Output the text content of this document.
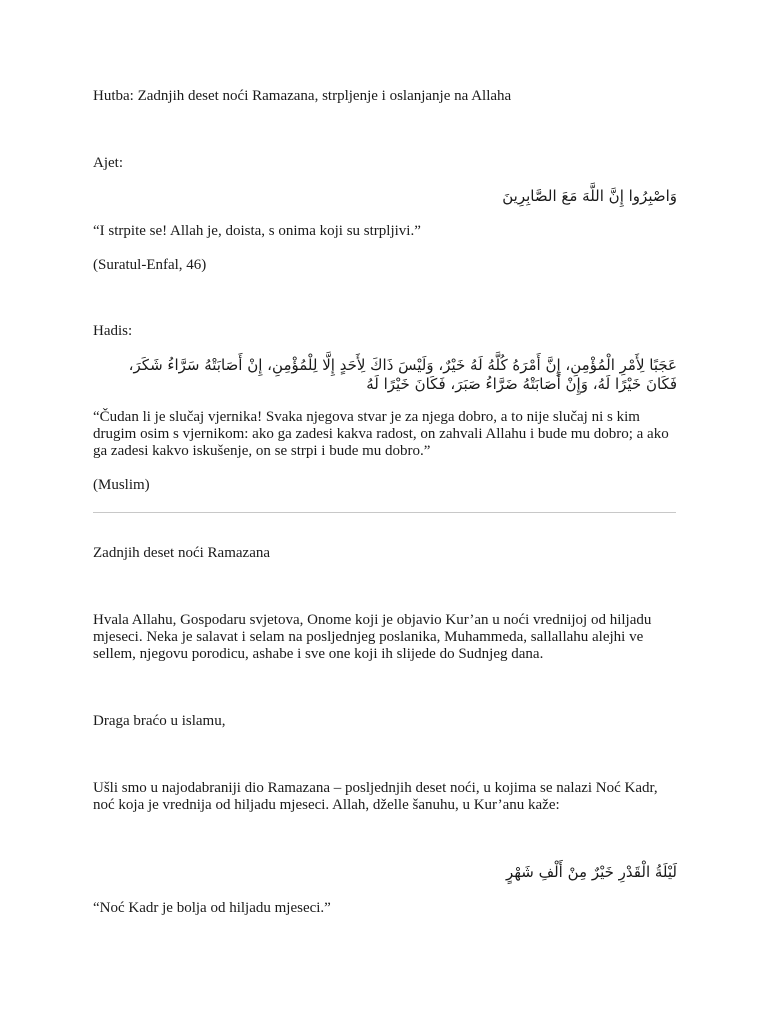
Hutba: Zadnjih deset noći Ramazana, strpljenje i oslanjanje na Allaha

Ajet:

وَاصْبِرُوا إِنَّ اللَّهَ مَعَ الصَّابِرِينَ

“I strpite se! Allah je, doista, s onima koji su strpljivi.”

(Suratul-Enfal, 46)

Hadis:

عَجَبًا لِأَمْرِ الْمُؤْمِنِ، إِنَّ أَمْرَهُ كُلَّهُ لَهُ خَيْرٌ، وَلَيْسَ ذَاكَ لِأَحَدٍ إِلَّا لِلْمُؤْمِنِ، إِنْ أَصَابَتْهُ سَرَّاءُ شَكَرَ، فَكَانَ خَيْرًا لَهُ، وَإِنْ أَصَابَتْهُ ضَرَّاءُ صَبَرَ، فَكَانَ خَيْرًا لَهُ

“Čudan li je slučaj vjernika! Svaka njegova stvar je za njega dobro, a to nije slučaj ni s kim drugim osim s vjernikom: ako ga zadesi kakva radost, on zahvali Allahu i bude mu dobro; a ako ga zadesi kakvo iskušenje, on se strpi i bude mu dobro.”

(Muslim)

Zadnjih deset noći Ramazana

Hvala Allahu, Gospodaru svjetova, Onome koji je objavio Kur’an u noći vrednijoj od hiljadu mjeseci. Neka je salavat i selam na posljednjeg poslanika, Muhammeda, sallallahu alejhi ve sellem, njegovu porodicu, ashabe i sve one koji ih slijede do Sudnjeg dana.

Draga braćo u islamu,

Ušli smo u najodabraniji dio Ramazana – posljednjih deset noći, u kojima se nalazi Noć Kadr, noć koja je vrednija od hiljadu mjeseci. Allah, dželle šanuhu, u Kur’anu kaže:

لَيْلَةُ الْقَدْرِ خَيْرٌ مِنْ أَلْفِ شَهْرٍ

“Noć Kadr je bolja od hiljadu mjeseci.”
